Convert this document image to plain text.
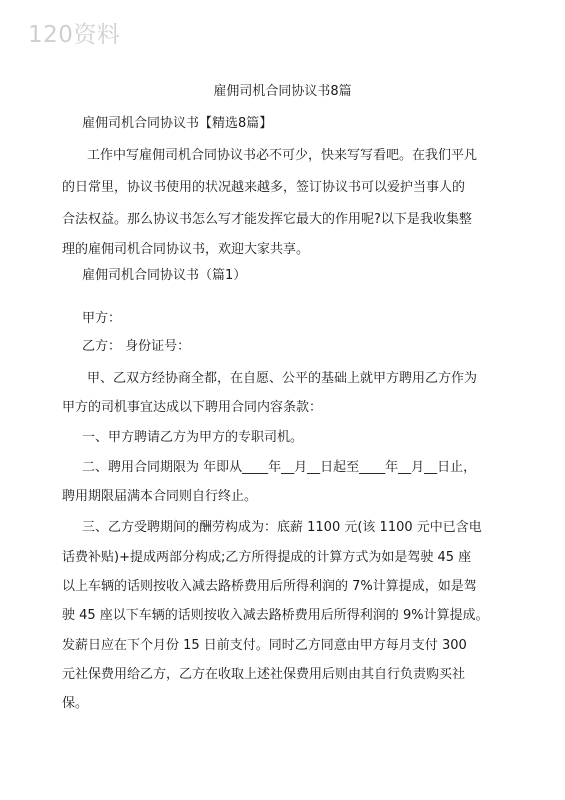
120资料
雇佣司机合同协议书8篇
雇佣司机合同协议书【精选8篇】
工作中写雇佣司机合同协议书必不可少，快来写写看吧。在我们平凡
的日常里，协议书使用的状况越来越多，签订协议书可以爱护当事人的
合法权益。那么协议书怎么写才能发挥它最大的作用呢?以下是我收集整
理的雇佣司机合同协议书，欢迎大家共享。
雇佣司机合同协议书（篇1）
甲方：
乙方： 身份证号：
甲、乙双方经协商全都，在自愿、公平的基础上就甲方聘用乙方作为
甲方的司机事宜达成以下聘用合同内容条款：
一、甲方聘请乙方为甲方的专职司机。
二、聘用合同期限为 年即从____年__月__日起至____年__月__日止，
聘用期限届满本合同则自行终止。
三、乙方受聘期间的酬劳构成为：底薪 1100 元(该 1100 元中已含电
话费补贴)+提成两部分构成;乙方所得提成的计算方式为如是驾驶 45 座
以上车辆的话则按收入减去路桥费用后所得利润的 7%计算提成，如是驾
驶 45 座以下车辆的话则按收入减去路桥费用后所得利润的 9%计算提成。
发薪日应在下个月份 15 日前支付。同时乙方同意由甲方每月支付 300
元社保费用给乙方，乙方在收取上述社保费用后则由其自行负责购买社
保。
